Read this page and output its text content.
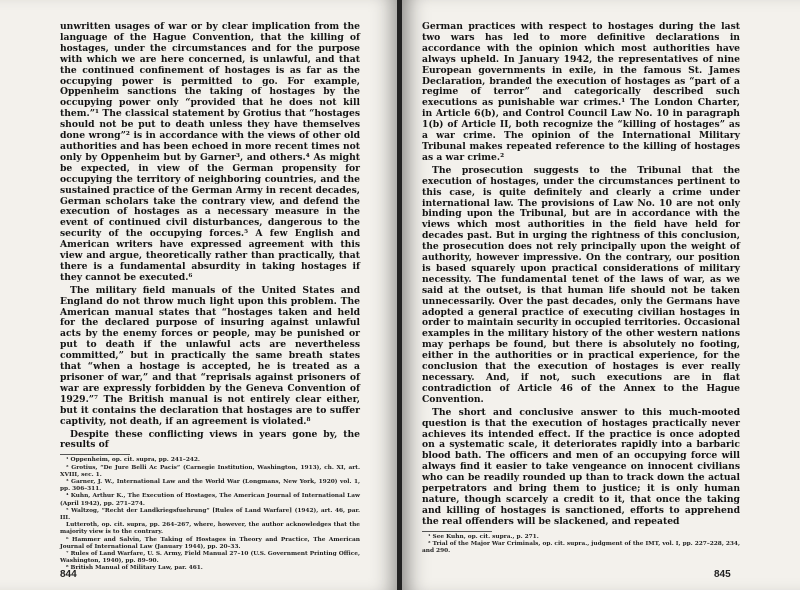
unwritten usages of war or by clear implication from the language of the Hague Convention, that the killing of hostages, under the circumstances and for the purpose with which we are here concerned, is unlawful, and that the continued confinement of hostages is as far as the occupying power is permitted to go. For example, Oppenheim sanctions the taking of hostages by the occupying power only “provided that he does not kill them.”¹ The classical statement by Grotius that “hostages should not be put to death unless they have themselves done wrong”² is in accordance with the views of other old authorities and has been echoed in more recent times not only by Oppenheim but by Garner³, and others.⁴ As might be expected, in view of the German propensity for occupying the territory of neighboring countries, and the sustained practice of the German Army in recent decades, German scholars take the contrary view, and defend the execution of hostages as a necessary measure in the event of continued civil disturbances, dangerous to the security of the occupying forces.⁵ A few English and American writers have expressed agreement with this view and argue, theoretically rather than practically, that there is a fundamental absurdity in taking hostages if they cannot be executed.⁶

The military field manuals of the United States and England do not throw much light upon this problem. The American manual states that “hostages taken and held for the declared purpose of insuring against unlawful acts by the enemy forces or people, may be punished or put to death if the unlawful acts are nevertheless committed,” but in practically the same breath states that “when a hostage is accepted, he is treated as a prisoner of war,” and that “reprisals against prisoners of war are expressly forbidden by the Geneva Convention of 1929.”⁷ The British manual is not entirely clear either, but it contains the declaration that hostages are to suffer captivity, not death, if an agreement is violated.⁸

Despite these conflicting views in years gone by, the results of

¹ Oppenheim, op. cit. supra, pp. 241–242.

² Grotius, “De Jure Belli Ac Pacis” (Carnegie Institution, Washington, 1913), ch. XI, art. XVIII, sec. 1.

³ Garner, J. W., International Law and the World War (Longmans, New York, 1920) vol. 1, pp. 306–311.

⁴ Kuhn, Arthur K., The Execution of Hostages, The American Journal of International Law (April 1942), pp. 271–274.

⁵ Waltzog, “Recht der Landkriegsfuehrung” [Rules of Land Warfare] (1942), art. 46, par. III.

Lutteroth, op. cit. supra, pp. 264–267, where, however, the author acknowledges that the majority view is to the contrary.

⁶ Hammer and Salvin, The Taking of Hostages in Theory and Practice, The American Journal of International Law (January 1944), pp. 20–33.

⁷ Rules of Land Warfare, U. S. Army, Field Manual 27–10 (U.S. Government Printing Office, Washington, 1940), pp. 89–90.

⁸ British Manual of Military Law, par. 461.

844

German practices with respect to hostages during the last two wars has led to more definitive declarations in accordance with the opinion which most authorities have always upheld. In January 1942, the representatives of nine European governments in exile, in the famous St. James Declaration, branded the execution of hostages as “part of a regime of terror” and categorically described such executions as punishable war crimes.¹ The London Charter, in Article 6(b), and Control Council Law No. 10 in paragraph 1(b) of Article II, both recognize the “killing of hostages” as a war crime. The opinion of the International Military Tribunal makes repeated reference to the killing of hostages as a war crime.²

The prosecution suggests to the Tribunal that the execution of hostages, under the circumstances pertinent to this case, is quite definitely and clearly a crime under international law. The provisions of Law No. 10 are not only binding upon the Tribunal, but are in accordance with the views which most authorities in the field have held for decades past. But in urging the rightness of this conclusion, the prosecution does not rely principally upon the weight of authority, however impressive. On the contrary, our position is based squarely upon practical considerations of military necessity. The fundamental tenet of the laws of war, as we said at the outset, is that human life should not be taken unnecessarily. Over the past decades, only the Germans have adopted a general practice of executing civilian hostages in order to maintain security in occupied territories. Occasional examples in the military history of the other western nations may perhaps be found, but there is absolutely no footing, either in the authorities or in practical experience, for the conclusion that the execution of hostages is ever really necessary. And, if not, such executions are in flat contradiction of Article 46 of the Annex to the Hague Convention.

The short and conclusive answer to this much-mooted question is that the execution of hostages practically never achieves its intended effect. If the practice is once adopted on a systematic scale, it deteriorates rapidly into a barbaric blood bath. The officers and men of an occupying force will always find it easier to take vengeance on innocent civilians who can be readily rounded up than to track down the actual perpetrators and bring them to justice; it is only human nature, though scarcely a credit to it, that once the taking and killing of hostages is sanctioned, efforts to apprehend the real offenders will be slackened, and repeated

¹ See Kuhn, op. cit. supra., p. 271.

² Trial of the Major War Criminals, op. cit. supra., judgment of the IMT, vol. I, pp. 227–228, 234, and 290.

845
